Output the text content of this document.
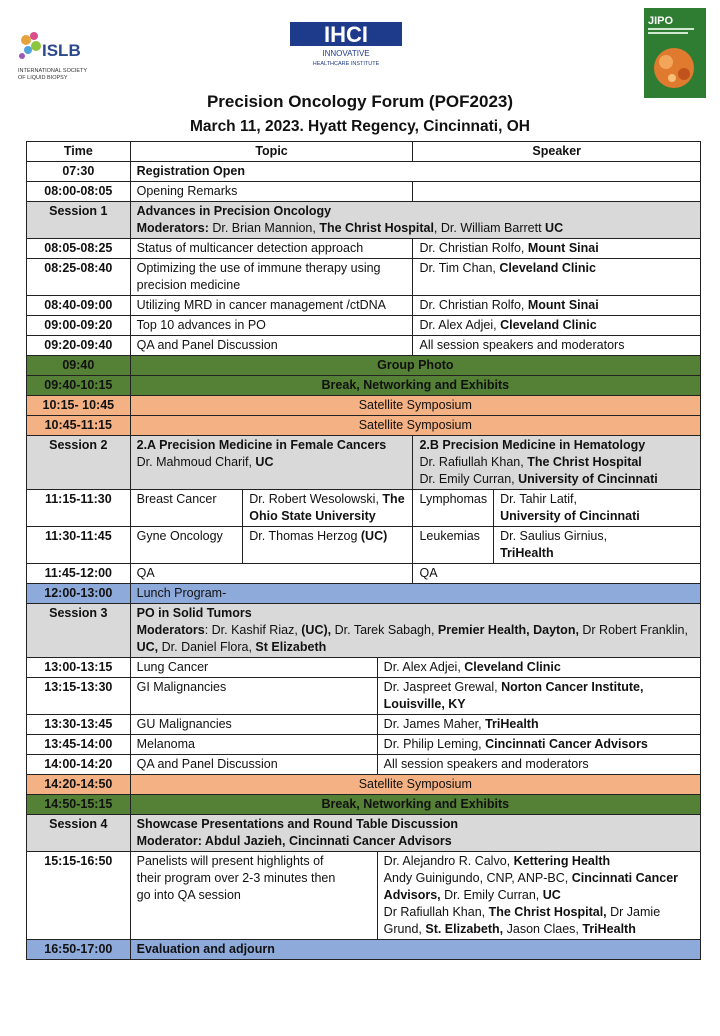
ISLB
INTERNATIONAL SOCIETY
OF LIQUID BIOPSY
IHCI
INNOVATIVE
HEALTHCARE INSTITUTE
JIPO
Precision Oncology Forum (POF2023)
March 11, 2023. Hyatt Regency, Cincinnati, OH
Time	Topic			Speaker	
07:30	Registration Open				
08:00-08:05	Opening Remarks				
Session 1	Advances in Precision Oncology
Moderators: Dr. Brian Mannion, The Christ Hospital, Dr. William Barrett UC				
08:05-08:25	Status of multicancer detection approach			Dr. Christian Rolfo, Mount Sinai	
08:25-08:40	Optimizing the use of immune therapy using precision medicine			Dr. Tim Chan, Cleveland Clinic	
08:40-09:00	Utilizing MRD in cancer management /ctDNA			Dr. Christian Rolfo, Mount Sinai	
09:00-09:20	Top 10 advances in PO			Dr. Alex Adjei, Cleveland Clinic	
09:20-09:40	QA and Panel Discussion			All session speakers and moderators	
09:40	Group Photo				
09:40-10:15	Break, Networking and Exhibits				
10:15- 10:45	Satellite Symposium				
10:45-11:15	Satellite Symposium				
Session 2	2.A Precision Medicine in Female Cancers
Dr. Mahmoud Charif, UC			2.B Precision Medicine in Hematology
Dr. Rafiullah Khan, The Christ Hospital
Dr. Emily Curran, University of Cincinnati	
11:15-11:30	Breast Cancer	Dr. Robert Wesolowski, The Ohio State University		Lymphomas	Dr. Tahir Latif,
University of Cincinnati
11:30-11:45	Gyne Oncology	Dr. Thomas Herzog (UC)		Leukemias	Dr. Saulius Girnius,
TriHealth
11:45-12:00	QA			QA	
12:00-13:00	Lunch Program-				
Session 3	PO in Solid Tumors
Moderators: Dr. Kashif Riaz, (UC), Dr. Tarek Sabagh, Premier Health, Dayton, Dr Robert Franklin, UC, Dr. Daniel Flora, St Elizabeth				
13:00-13:15	Lung Cancer		Dr. Alex Adjei, Cleveland Clinic		
13:15-13:30	GI Malignancies		Dr. Jaspreet Grewal, Norton Cancer Institute, Louisville, KY		
13:30-13:45	GU Malignancies		Dr. James Maher, TriHealth		
13:45-14:00	Melanoma		Dr. Philip Leming, Cincinnati Cancer Advisors		
14:00-14:20	QA and Panel Discussion		All session speakers and moderators		
14:20-14:50	Satellite Symposium				
14:50-15:15	Break, Networking and Exhibits				
Session 4	Showcase Presentations and Round Table Discussion
Moderator: Abdul Jazieh, Cincinnati Cancer Advisors				
15:15-16:50	Panelists will present highlights of their program over 2-3 minutes then go into QA session		Dr. Alejandro R. Calvo, Kettering Health
Andy Guinigundo, CNP, ANP-BC, Cincinnati Cancer Advisors, Dr. Emily Curran, UC
Dr Rafiullah Khan, The Christ Hospital, Dr Jamie Grund, St. Elizabeth, Jason Claes, TriHealth		
16:50-17:00	Evaluation and adjourn				
